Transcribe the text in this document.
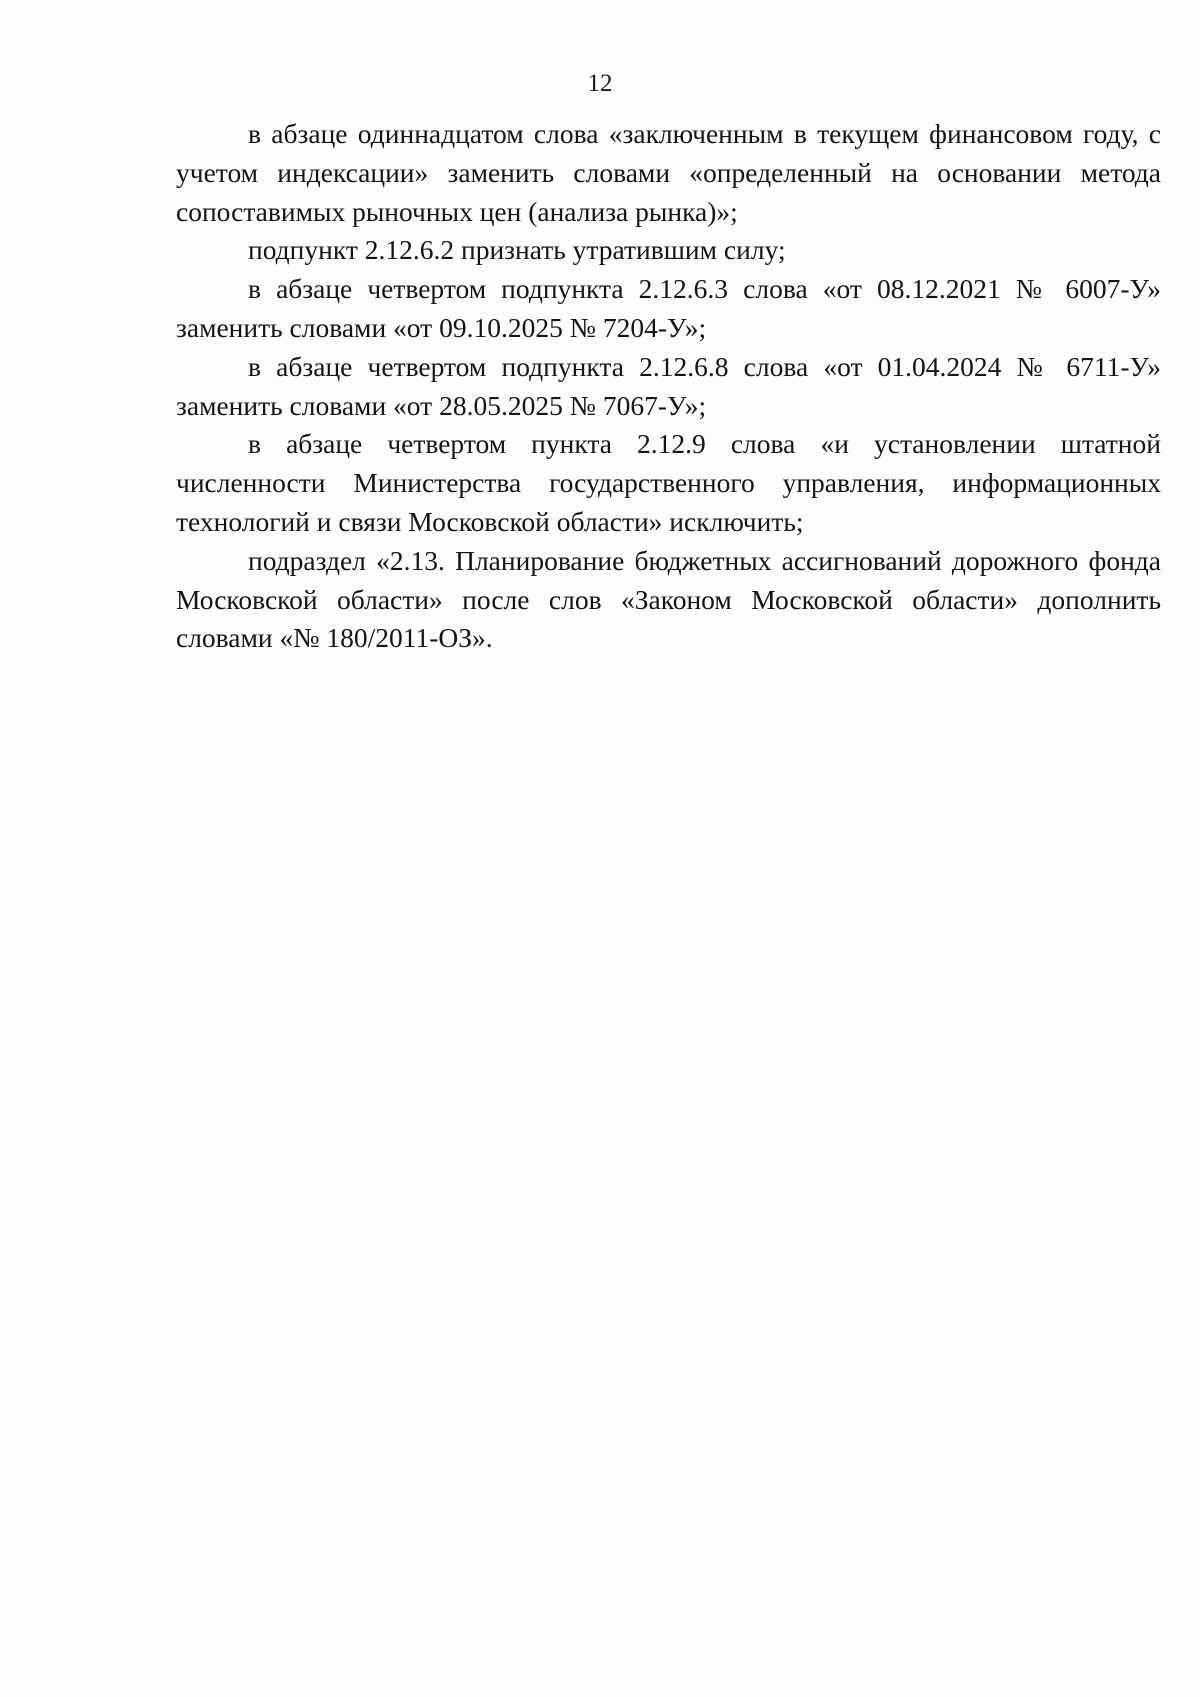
12

в абзаце одиннадцатом слова «заключенным в текущем финансовом году, с учетом индексации» заменить словами «определенный на основании метода сопоставимых рыночных цен (анализа рынка)»;

подпункт 2.12.6.2 признать утратившим силу;

в абзаце четвертом подпункта 2.12.6.3 слова «от 08.12.2021 № 6007-У» заменить словами «от 09.10.2025 № 7204-У»;

в абзаце четвертом подпункта 2.12.6.8 слова «от 01.04.2024 № 6711-У» заменить словами «от 28.05.2025 № 7067-У»;

в абзаце четвертом пункта 2.12.9 слова «и установлении штатной численности Министерства государственного управления, информационных технологий и связи Московской области» исключить;

подраздел «2.13. Планирование бюджетных ассигнований дорожного фонда Московской области» после слов «Законом Московской области» дополнить словами «№ 180/2011-ОЗ».
